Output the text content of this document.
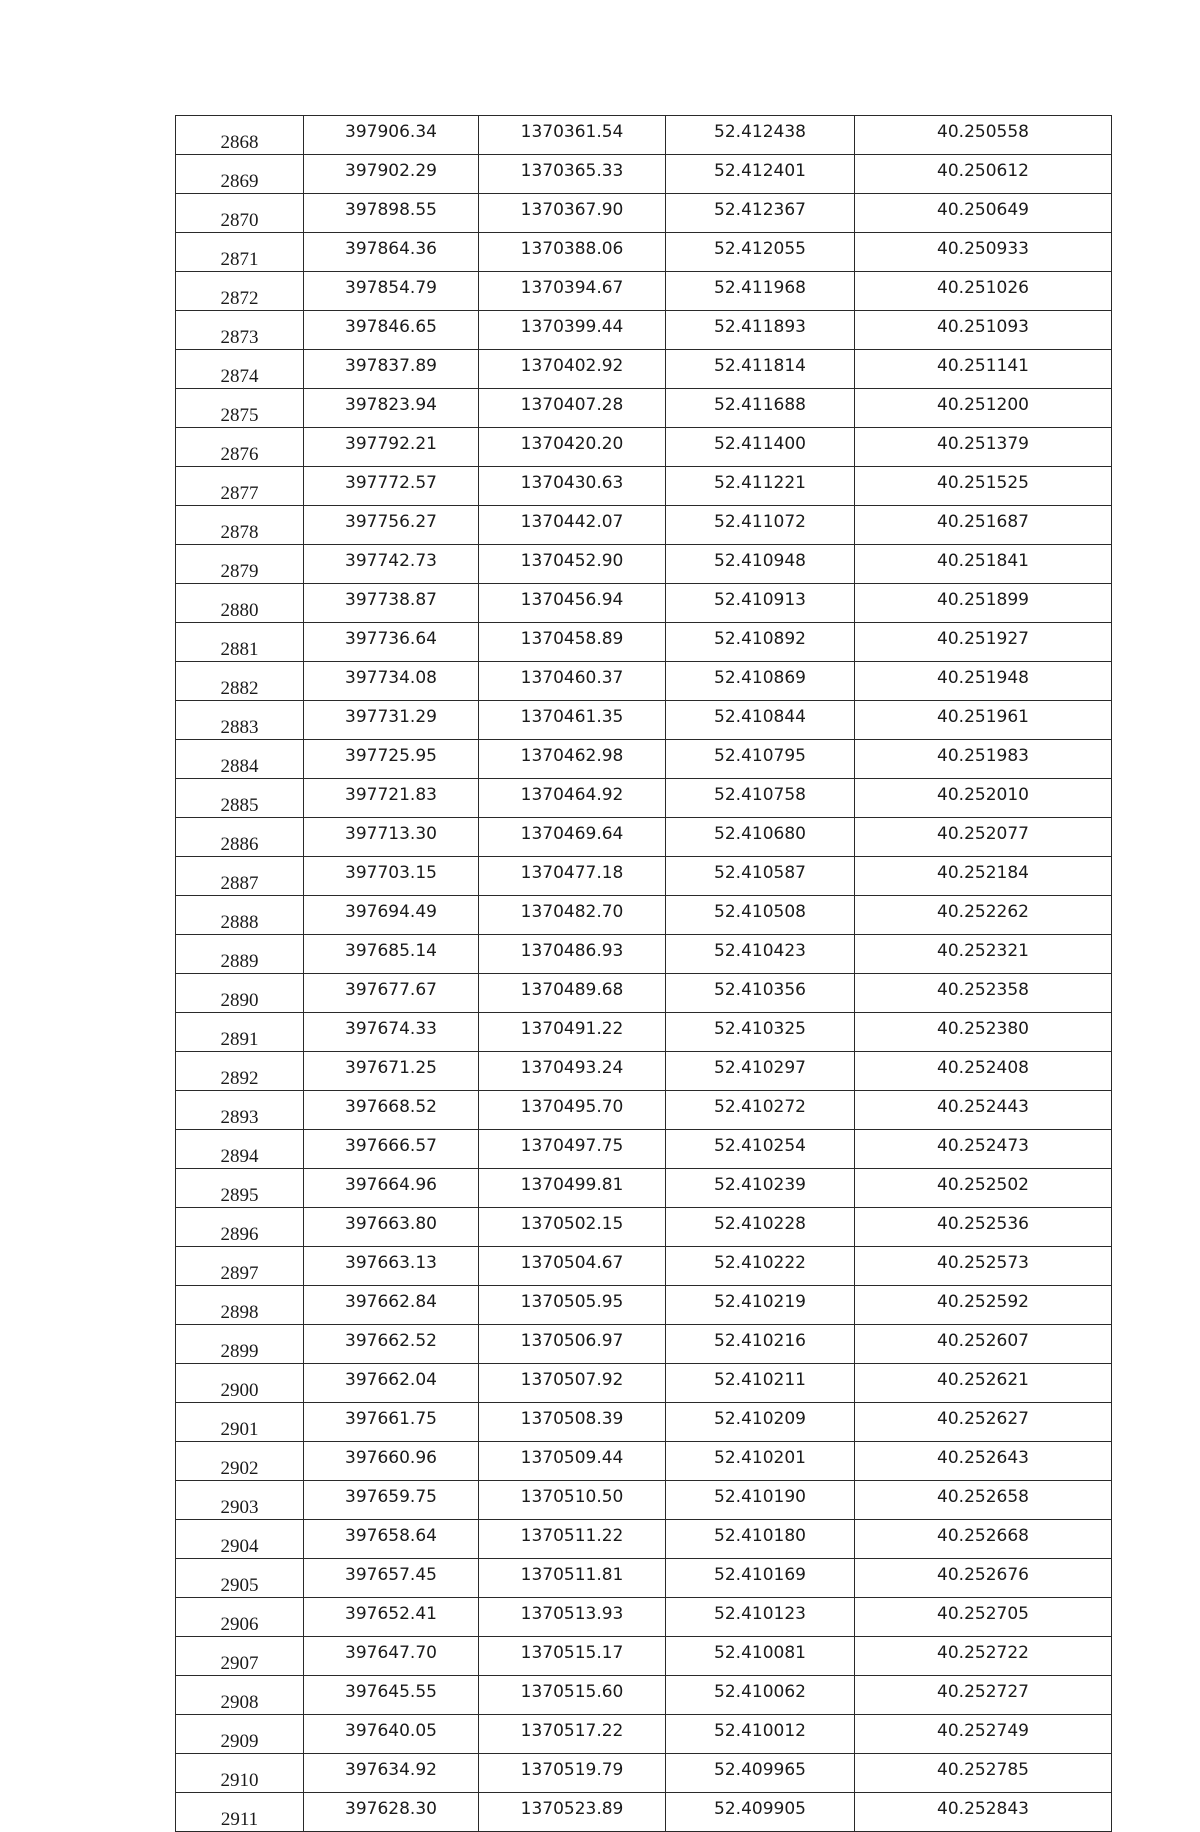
2868	397906.34	1370361.54	52.412438	40.250558
2869	397902.29	1370365.33	52.412401	40.250612
2870	397898.55	1370367.90	52.412367	40.250649
2871	397864.36	1370388.06	52.412055	40.250933
2872	397854.79	1370394.67	52.411968	40.251026
2873	397846.65	1370399.44	52.411893	40.251093
2874	397837.89	1370402.92	52.411814	40.251141
2875	397823.94	1370407.28	52.411688	40.251200
2876	397792.21	1370420.20	52.411400	40.251379
2877	397772.57	1370430.63	52.411221	40.251525
2878	397756.27	1370442.07	52.411072	40.251687
2879	397742.73	1370452.90	52.410948	40.251841
2880	397738.87	1370456.94	52.410913	40.251899
2881	397736.64	1370458.89	52.410892	40.251927
2882	397734.08	1370460.37	52.410869	40.251948
2883	397731.29	1370461.35	52.410844	40.251961
2884	397725.95	1370462.98	52.410795	40.251983
2885	397721.83	1370464.92	52.410758	40.252010
2886	397713.30	1370469.64	52.410680	40.252077
2887	397703.15	1370477.18	52.410587	40.252184
2888	397694.49	1370482.70	52.410508	40.252262
2889	397685.14	1370486.93	52.410423	40.252321
2890	397677.67	1370489.68	52.410356	40.252358
2891	397674.33	1370491.22	52.410325	40.252380
2892	397671.25	1370493.24	52.410297	40.252408
2893	397668.52	1370495.70	52.410272	40.252443
2894	397666.57	1370497.75	52.410254	40.252473
2895	397664.96	1370499.81	52.410239	40.252502
2896	397663.80	1370502.15	52.410228	40.252536
2897	397663.13	1370504.67	52.410222	40.252573
2898	397662.84	1370505.95	52.410219	40.252592
2899	397662.52	1370506.97	52.410216	40.252607
2900	397662.04	1370507.92	52.410211	40.252621
2901	397661.75	1370508.39	52.410209	40.252627
2902	397660.96	1370509.44	52.410201	40.252643
2903	397659.75	1370510.50	52.410190	40.252658
2904	397658.64	1370511.22	52.410180	40.252668
2905	397657.45	1370511.81	52.410169	40.252676
2906	397652.41	1370513.93	52.410123	40.252705
2907	397647.70	1370515.17	52.410081	40.252722
2908	397645.55	1370515.60	52.410062	40.252727
2909	397640.05	1370517.22	52.410012	40.252749
2910	397634.92	1370519.79	52.409965	40.252785
2911	397628.30	1370523.89	52.409905	40.252843
